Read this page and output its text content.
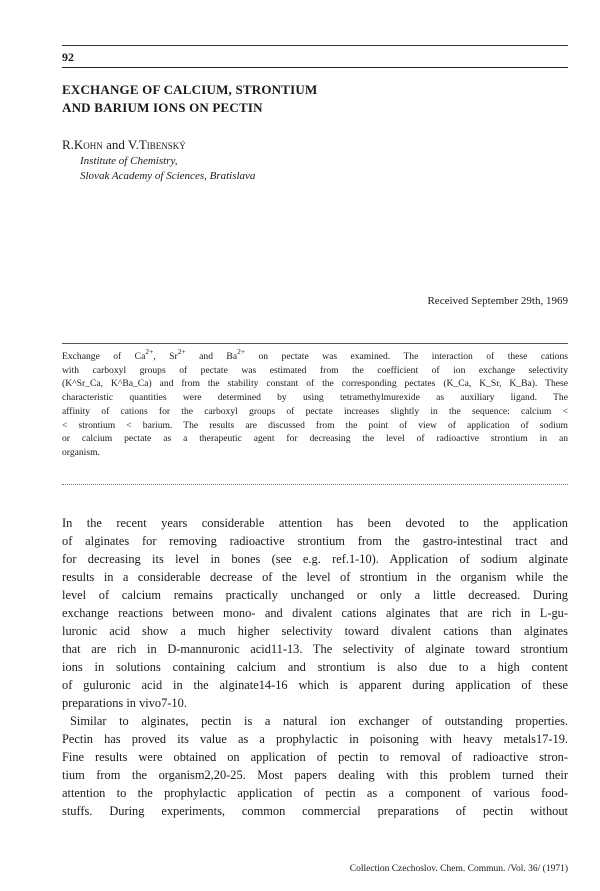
92
EXCHANGE OF CALCIUM, STRONTIUM
AND BARIUM IONS ON PECTIN
R.Kohn and V.Tibenský
Institute of Chemistry,
Slovak Academy of Sciences, Bratislava
Received September 29th, 1969
Exchange of $Ca^{2+}$, $Sr^{2+}$ and $Ba^{2+}$ on pectate was examined. The interaction of these cations
with carboxyl groups of pectate was estimated from the coefficient of ion exchange selectivity
(K^Sr_Ca, K^Ba_Ca) and from the stability constant of the corresponding pectates (K_Ca, K_Sr, K_Ba). These
characteristic quantities were determined by using tetramethylmurexide as auxiliary ligand. The
affinity of cations for the carboxyl groups of pectate increases slightly in the sequence: calcium <
< strontium < barium. The results are discussed from the point of view of application of sodium
or calcium pectate as a therapeutic agent for decreasing the level of radioactive strontium in an
organism.
In the recent years considerable attention has been devoted to the application
of alginates for removing radioactive strontium from the gastro-intestinal tract and
for decreasing its level in bones (see e.g. ref.1-10). Application of sodium alginate
results in a considerable decrease of the level of strontium in the organism while the
level of calcium remains practically unchanged or only a little decreased. During
exchange reactions between mono- and divalent cations alginates that are rich in L-gu-
luronic acid show a much higher selectivity toward divalent cations than alginates
that are rich in D-mannuronic acid11-13. The selectivity of alginate toward strontium
ions in solutions containing calcium and strontium is also due to a high content
of guluronic acid in the alginate14-16 which is apparent during application of these
preparations in vivo7-10.
Similar to alginates, pectin is a natural ion exchanger of outstanding properties.
Pectin has proved its value as a prophylactic in poisoning with heavy metals17-19.
Fine results were obtained on application of pectin to removal of radioactive stron-
tium from the organism2,20-25. Most papers dealing with this problem turned their
attention to the prophylactic application of pectin as a component of various food-
stuffs. During experiments, common commercial preparations of pectin without
Collection Czechoslov. Chem. Commun. /Vol. 36/ (1971)
